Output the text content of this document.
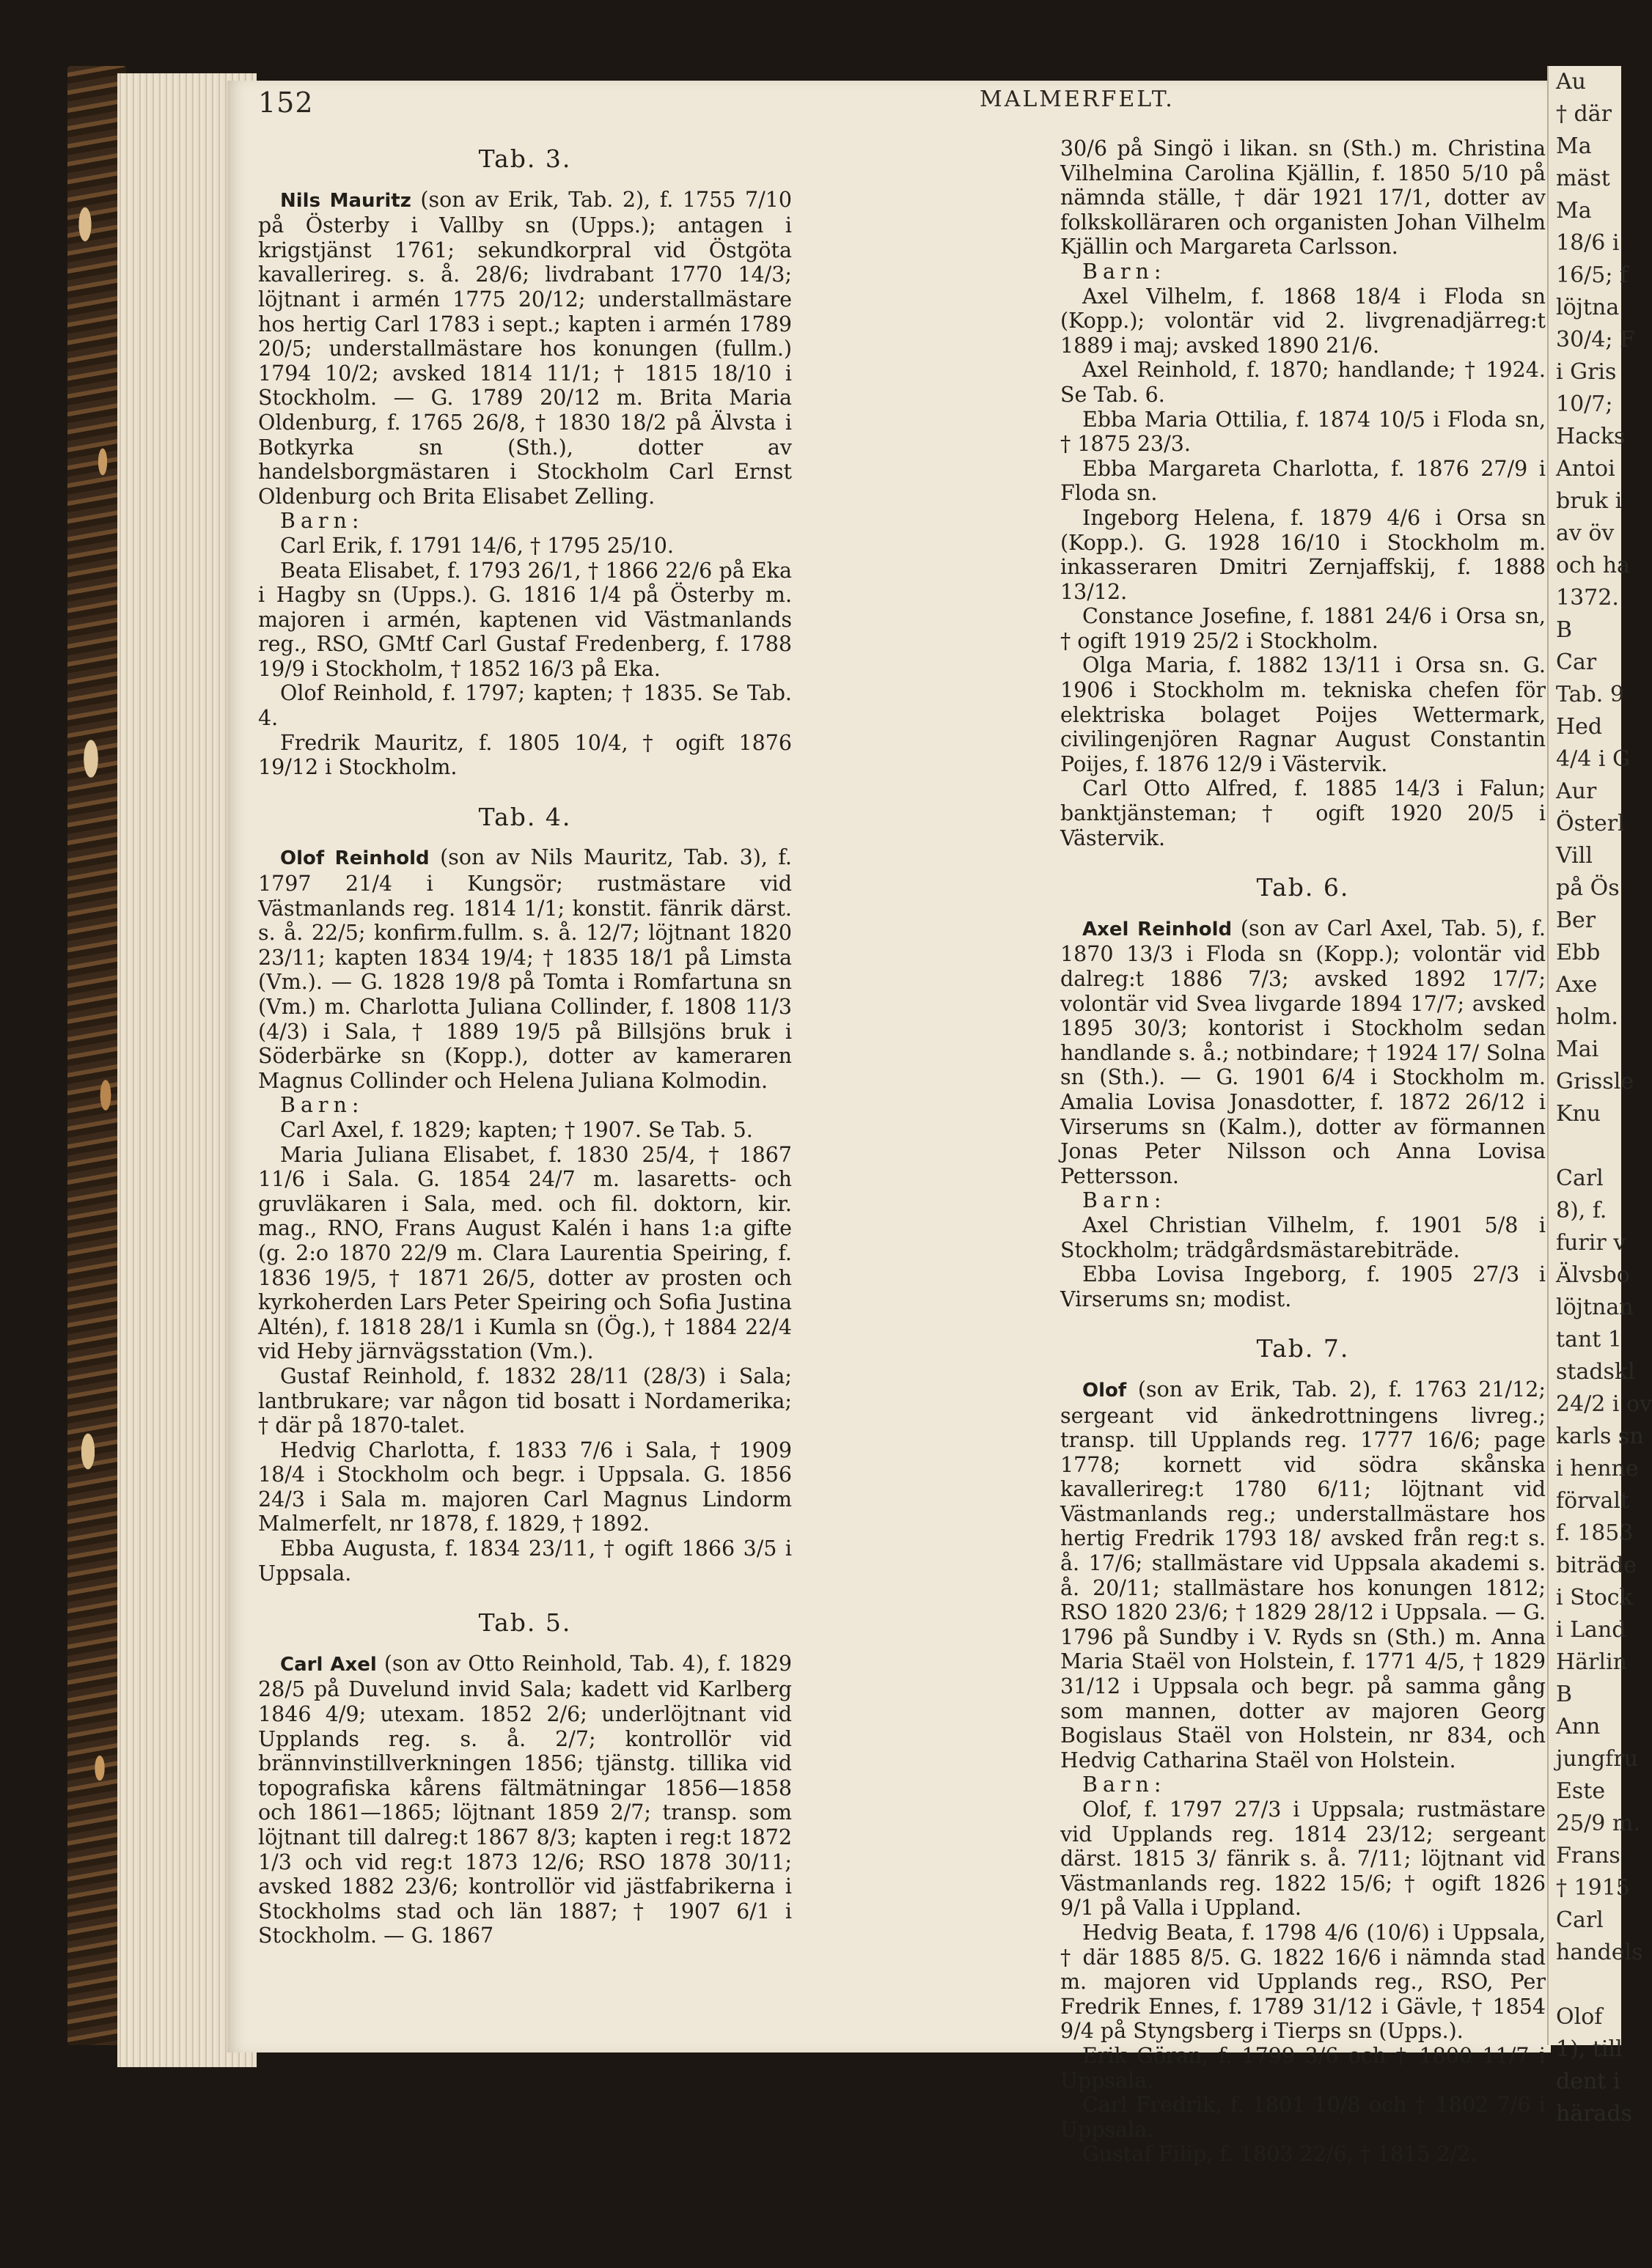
152	MALMERFELT.
Tab. 3.

Nils Mauritz (son av Erik, Tab. 2), f. 1755 7/10 på Österby i Vallby sn (Upps.); antagen i krigstjänst 1761; sekundkorpral vid Östgöta kavallerireg. s. å. 28/6; livdrabant 1770 14/3; löjtnant i armén 1775 20/12; understallmästare hos hertig Carl 1783 i sept.; kapten i armén 1789 20/5; understallmästare hos konungen (fullm.) 1794 10/2; avsked 1814 11/1; † 1815 18/10 i Stockholm. — G. 1789 20/12 m. Brita Maria Oldenburg, f. 1765 26/8, † 1830 18/2 på Älvsta i Botkyrka sn (Sth.), dotter av handelsborgmästaren i Stockholm Carl Ernst Oldenburg och Brita Elisabet Zelling.

Barn:

Carl Erik, f. 1791 14/6, † 1795 25/10.

Beata Elisabet, f. 1793 26/1, † 1866 22/6 på Eka i Hagby sn (Upps.). G. 1816 1/4 på Österby m. majoren i armén, kaptenen vid Västmanlands reg., RSO, GMtf Carl Gustaf Fredenberg, f. 1788 19/9 i Stockholm, † 1852 16/3 på Eka.

Olof Reinhold, f. 1797; kapten; † 1835. Se Tab. 4.

Fredrik Mauritz, f. 1805 10/4, † ogift 1876 19/12 i Stockholm.

Tab. 4.

Olof Reinhold (son av Nils Mauritz, Tab. 3), f. 1797 21/4 i Kungsör; rustmästare vid Västmanlands reg. 1814 1/1; konstit. fänrik därst. s. å. 22/5; konfirm.fullm. s. å. 12/7; löjtnant 1820 23/11; kapten 1834 19/4; † 1835 18/1 på Limsta (Vm.). — G. 1828 19/8 på Tomta i Romfartuna sn (Vm.) m. Charlotta Juliana Collinder, f. 1808 11/3 (4/3) i Sala, † 1889 19/5 på Billsjöns bruk i Söderbärke sn (Kopp.), dotter av kameraren Magnus Collinder och Helena Juliana Kolmodin.

Barn:

Carl Axel, f. 1829; kapten; † 1907. Se Tab. 5.

Maria Juliana Elisabet, f. 1830 25/4, † 1867 11/6 i Sala. G. 1854 24/7 m. lasaretts- och gruvläkaren i Sala, med. och fil. doktorn, kir. mag., RNO, Frans August Kalén i hans 1:a gifte (g. 2:o 1870 22/9 m. Clara Laurentia Speiring, f. 1836 19/5, † 1871 26/5, dotter av prosten och kyrkoherden Lars Peter Speiring och Sofia Justina Altén), f. 1818 28/1 i Kumla sn (Ög.), † 1884 22/4 vid Heby järnvägsstation (Vm.).

Gustaf Reinhold, f. 1832 28/11 (28/3) i Sala; lantbrukare; var någon tid bosatt i Nordamerika; † där på 1870-talet.

Hedvig Charlotta, f. 1833 7/6 i Sala, † 1909 18/4 i Stockholm och begr. i Uppsala. G. 1856 24/3 i Sala m. majoren Carl Magnus Lindorm Malmerfelt, nr 1878, f. 1829, † 1892.

Ebba Augusta, f. 1834 23/11, † ogift 1866 3/5 i Uppsala.

Tab. 5.

Carl Axel (son av Otto Reinhold, Tab. 4), f. 1829 28/5 på Duvelund invid Sala; kadett vid Karlberg 1846 4/9; utexam. 1852 2/6; underlöjtnant vid Upplands reg. s. å. 2/7; kontrollör vid brännvinstillverkningen 1856; tjänstg. tillika vid topografiska kårens fältmätningar 1856—1858 och 1861—1865; löjtnant 1859 2/7; transp. som löjtnant till dalreg:t 1867 8/3; kapten i reg:t 1872 1/3 och vid reg:t 1873 12/6; RSO 1878 30/11; avsked 1882 23/6; kontrollör vid jästfabrikerna i Stockholms stad och län 1887; † 1907 6/1 i Stockholm. — G. 1867

30/6 på Singö i likan. sn (Sth.) m. Christina Vilhelmina Carolina Kjällin, f. 1850 5/10 på nämnda ställe, † där 1921 17/1, dotter av folkskolläraren och organisten Johan Vilhelm Kjällin och Margareta Carlsson.

Barn:

Axel Vilhelm, f. 1868 18/4 i Floda sn (Kopp.); volontär vid 2. livgrenadjärreg:t 1889 i maj; avsked 1890 21/6.

Axel Reinhold, f. 1870; handlande; † 1924. Se Tab. 6.

Ebba Maria Ottilia, f. 1874 10/5 i Floda sn, † 1875 23/3.

Ebba Margareta Charlotta, f. 1876 27/9 i Floda sn.

Ingeborg Helena, f. 1879 4/6 i Orsa sn (Kopp.). G. 1928 16/10 i Stockholm m. inkasseraren Dmitri Zernjaffskij, f. 1888 13/12.

Constance Josefine, f. 1881 24/6 i Orsa sn, † ogift 1919 25/2 i Stockholm.

Olga Maria, f. 1882 13/11 i Orsa sn. G. 1906 i Stockholm m. tekniska chefen för elektriska bolaget Poijes Wettermark, civilingenjören Ragnar August Constantin Poijes, f. 1876 12/9 i Västervik.

Carl Otto Alfred, f. 1885 14/3 i Falun; banktjänsteman; † ogift 1920 20/5 i Västervik.

Tab. 6.

Axel Reinhold (son av Carl Axel, Tab. 5), f. 1870 13/3 i Floda sn (Kopp.); volontär vid dalreg:t 1886 7/3; avsked 1892 17/7; volontär vid Svea livgarde 1894 17/7; avsked 1895 30/3; kontorist i Stockholm sedan handlande s. å.; notbindare; † 1924 17/ Solna sn (Sth.). — G. 1901 6/4 i Stockholm m. Amalia Lovisa Jonasdotter, f. 1872 26/12 i Virserums sn (Kalm.), dotter av förmannen Jonas Peter Nilsson och Anna Lovisa Pettersson.

Barn:

Axel Christian Vilhelm, f. 1901 5/8 i Stockholm; trädgårdsmästarebiträde.

Ebba Lovisa Ingeborg, f. 1905 27/3 i Virserums sn; modist.

Tab. 7.

Olof (son av Erik, Tab. 2), f. 1763 21/12; sergeant vid änkedrottningens livreg.; transp. till Upplands reg. 1777 16/6; page 1778; kornett vid södra skånska kavallerireg:t 1780 6/11; löjtnant vid Västmanlands reg.; understallmästare hos hertig Fredrik 1793 18/ avsked från reg:t s. å. 17/6; stallmästare vid Uppsala akademi s. å. 20/11; stallmästare hos konungen 1812; RSO 1820 23/6; † 1829 28/12 i Uppsala. — G. 1796 på Sundby i V. Ryds sn (Sth.) m. Anna Maria Staël von Holstein, f. 1771 4/5, † 1829 31/12 i Uppsala och begr. på samma gång som mannen, dotter av majoren Georg Bogislaus Staël von Holstein, nr 834, och Hedvig Catharina Staël von Holstein.

Barn:

Olof, f. 1797 27/3 i Uppsala; rustmästare vid Upplands reg. 1814 23/12; sergeant därst. 1815 3/ fänrik s. å. 7/11; löjtnant vid Västmanlands reg. 1822 15/6; † ogift 1826 9/1 på Valla i Uppland.

Hedvig Beata, f. 1798 4/6 (10/6) i Uppsala, † där 1885 8/5. G. 1822 16/6 i nämnda stad m. majoren vid Upplands reg., RSO, Per Fredrik Ennes, f. 1789 31/12 i Gävle, † 1854 9/4 på Styngsberg i Tierps sn (Upps.).

Erik Göran, f. 1799 3/6 och † 1800 11/7 i Uppsala.

Carl Fredrik, f. 1801 10/8 och † 1802 7/6 i Uppsala.

Gustaf Filip, f. 1803 22/6, † 1815 2/2.

Au
† där
Ma
mäst
Ma
18/6 i
16/5; f
löjtna
30/4; F
i Gris
10/7;
Hacks
Antoi
bruk i
av öv
och ha
1372.
B
Car
Tab. 9
Hed
4/4 i G
Aur
Österl
Vill
på Ös
Ber
Ebb
Axe
holm.
Mai
Grissle
Knu

Carl
8), f.
furir v
Älvsbo
löjtnan
tant 1
stadskl
24/2 i ov
karls sn
i henne
förvalt
f. 1853
biträde
i Stock
i Land
Härlin
B
Ann
jungfru
Este
25/9 m.
Frans
† 1915
Carl
handels

Olof
1), till
dent i
härads
